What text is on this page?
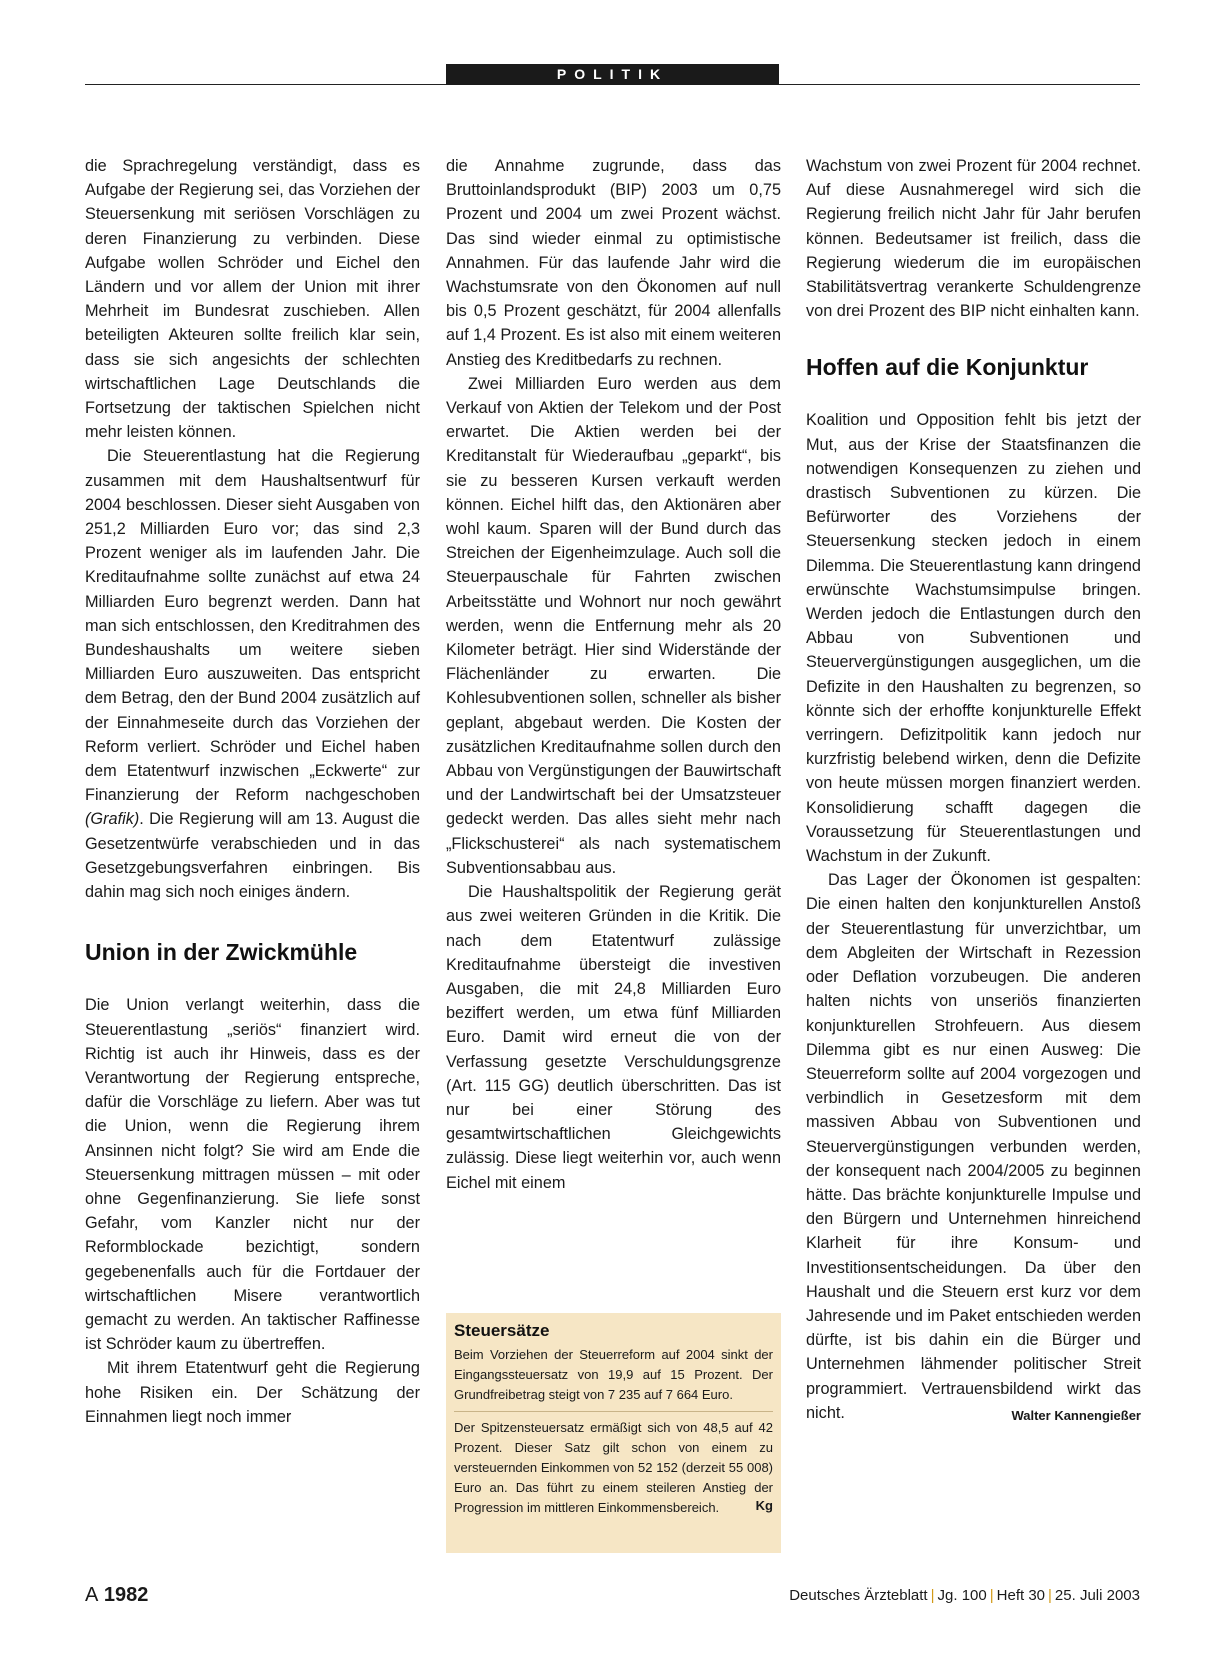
POLITIK

die Sprachregelung verständigt, dass es Aufgabe der Regierung sei, das Vorziehen der Steuersenkung mit seriösen Vorschlägen zu deren Finanzierung zu verbinden. Diese Aufgabe wollen Schröder und Eichel den Ländern und vor allem der Union mit ihrer Mehrheit im Bundesrat zuschieben. Allen beteiligten Akteuren sollte freilich klar sein, dass sie sich angesichts der schlechten wirtschaftlichen Lage Deutschlands die Fortsetzung der taktischen Spielchen nicht mehr leisten können.

Die Steuerentlastung hat die Regierung zusammen mit dem Haushaltsentwurf für 2004 beschlossen. Dieser sieht Ausgaben von 251,2 Milliarden Euro vor; das sind 2,3 Prozent weniger als im laufenden Jahr. Die Kreditaufnahme sollte zunächst auf etwa 24 Milliarden Euro begrenzt werden. Dann hat man sich entschlossen, den Kreditrahmen des Bundeshaushalts um weitere sieben Milliarden Euro auszuweiten. Das entspricht dem Betrag, den der Bund 2004 zusätzlich auf der Einnahmeseite durch das Vorziehen der Reform verliert. Schröder und Eichel haben dem Etatentwurf inzwischen „Eckwerte“ zur Finanzierung der Reform nachgeschoben (Grafik). Die Regierung will am 13. August die Gesetzentwürfe verabschieden und in das Gesetzgebungsverfahren einbringen. Bis dahin mag sich noch einiges ändern.

Union in der Zwickmühle

Die Union verlangt weiterhin, dass die Steuerentlastung „seriös“ finanziert wird. Richtig ist auch ihr Hinweis, dass es der Verantwortung der Regierung entspreche, dafür die Vorschläge zu liefern. Aber was tut die Union, wenn die Regierung ihrem Ansinnen nicht folgt? Sie wird am Ende die Steuersenkung mittragen müssen – mit oder ohne Gegenfinanzierung. Sie liefe sonst Gefahr, vom Kanzler nicht nur der Reformblockade bezichtigt, sondern gegebenenfalls auch für die Fortdauer der wirtschaftlichen Misere verantwortlich gemacht zu werden. An taktischer Raffinesse ist Schröder kaum zu übertreffen.

Mit ihrem Etatentwurf geht die Regierung hohe Risiken ein. Der Schätzung der Einnahmen liegt noch immer

die Annahme zugrunde, dass das Bruttoinlandsprodukt (BIP) 2003 um 0,75 Prozent und 2004 um zwei Prozent wächst. Das sind wieder einmal zu optimistische Annahmen. Für das laufende Jahr wird die Wachstumsrate von den Ökonomen auf null bis 0,5 Prozent geschätzt, für 2004 allenfalls auf 1,4 Prozent. Es ist also mit einem weiteren Anstieg des Kreditbedarfs zu rechnen.

Zwei Milliarden Euro werden aus dem Verkauf von Aktien der Telekom und der Post erwartet. Die Aktien werden bei der Kreditanstalt für Wiederaufbau „geparkt“, bis sie zu besseren Kursen verkauft werden können. Eichel hilft das, den Aktionären aber wohl kaum. Sparen will der Bund durch das Streichen der Eigenheimzulage. Auch soll die Steuerpauschale für Fahrten zwischen Arbeitsstätte und Wohnort nur noch gewährt werden, wenn die Entfernung mehr als 20 Kilometer beträgt. Hier sind Widerstände der Flächenländer zu erwarten. Die Kohlesubventionen sollen, schneller als bisher geplant, abgebaut werden. Die Kosten der zusätzlichen Kreditaufnahme sollen durch den Abbau von Vergünstigungen der Bauwirtschaft und der Landwirtschaft bei der Umsatzsteuer gedeckt werden. Das alles sieht mehr nach „Flickschusterei“ als nach systematischem Subventionsabbau aus.

Die Haushaltspolitik der Regierung gerät aus zwei weiteren Gründen in die Kritik. Die nach dem Etatentwurf zulässige Kreditaufnahme übersteigt die investiven Ausgaben, die mit 24,8 Milliarden Euro beziffert werden, um etwa fünf Milliarden Euro. Damit wird erneut die von der Verfassung gesetzte Verschuldungsgrenze (Art. 115 GG) deutlich überschritten. Das ist nur bei einer Störung des gesamtwirtschaftlichen Gleichgewichts zulässig. Diese liegt weiterhin vor, auch wenn Eichel mit einem

Steuersätze

Beim Vorziehen der Steuerreform auf 2004 sinkt der Eingangssteuersatz von 19,9 auf 15 Prozent. Der Grundfreibetrag steigt von 7 235 auf 7 664 Euro.

Der Spitzensteuersatz ermäßigt sich von 48,5 auf 42 Prozent. Dieser Satz gilt schon von einem zu versteuernden Einkommen von 52 152 (derzeit 55 008) Euro an. Das führt zu einem steileren Anstieg der Progression im mittleren Einkommensbereich.	Kg

Wachstum von zwei Prozent für 2004 rechnet. Auf diese Ausnahmeregel wird sich die Regierung freilich nicht Jahr für Jahr berufen können. Bedeutsamer ist freilich, dass die Regierung wiederum die im europäischen Stabilitätsvertrag verankerte Schuldengrenze von drei Prozent des BIP nicht einhalten kann.

Hoffen auf die Konjunktur

Koalition und Opposition fehlt bis jetzt der Mut, aus der Krise der Staatsfinanzen die notwendigen Konsequenzen zu ziehen und drastisch Subventionen zu kürzen. Die Befürworter des Vorziehens der Steuersenkung stecken jedoch in einem Dilemma. Die Steuerentlastung kann dringend erwünschte Wachstumsimpulse bringen. Werden jedoch die Entlastungen durch den Abbau von Subventionen und Steuervergünstigungen ausgeglichen, um die Defizite in den Haushalten zu begrenzen, so könnte sich der erhoffte konjunkturelle Effekt verringern. Defizitpolitik kann jedoch nur kurzfristig belebend wirken, denn die Defizite von heute müssen morgen finanziert werden. Konsolidierung schafft dagegen die Voraussetzung für Steuerentlastungen und Wachstum in der Zukunft.

Das Lager der Ökonomen ist gespalten: Die einen halten den konjunkturellen Anstoß der Steuerentlastung für unverzichtbar, um dem Abgleiten der Wirtschaft in Rezession oder Deflation vorzubeugen. Die anderen halten nichts von unseriös finanzierten konjunkturellen Strohfeuern. Aus diesem Dilemma gibt es nur einen Ausweg: Die Steuerreform sollte auf 2004 vorgezogen und verbindlich in Gesetzesform mit dem massiven Abbau von Subventionen und Steuervergünstigungen verbunden werden, der konsequent nach 2004/2005 zu beginnen hätte. Das brächte konjunkturelle Impulse und den Bürgern und Unternehmen hinreichend Klarheit für ihre Konsum- und Investitionsentscheidungen. Da über den Haushalt und die Steuern erst kurz vor dem Jahresende und im Paket entschieden werden dürfte, ist bis dahin ein die Bürger und Unternehmen lähmender politischer Streit programmiert. Vertrauensbildend wirkt das nicht.	Walter Kannengießer

A 1982	Deutsches Ärzteblatt | Jg. 100 | Heft 30 | 25. Juli 2003
